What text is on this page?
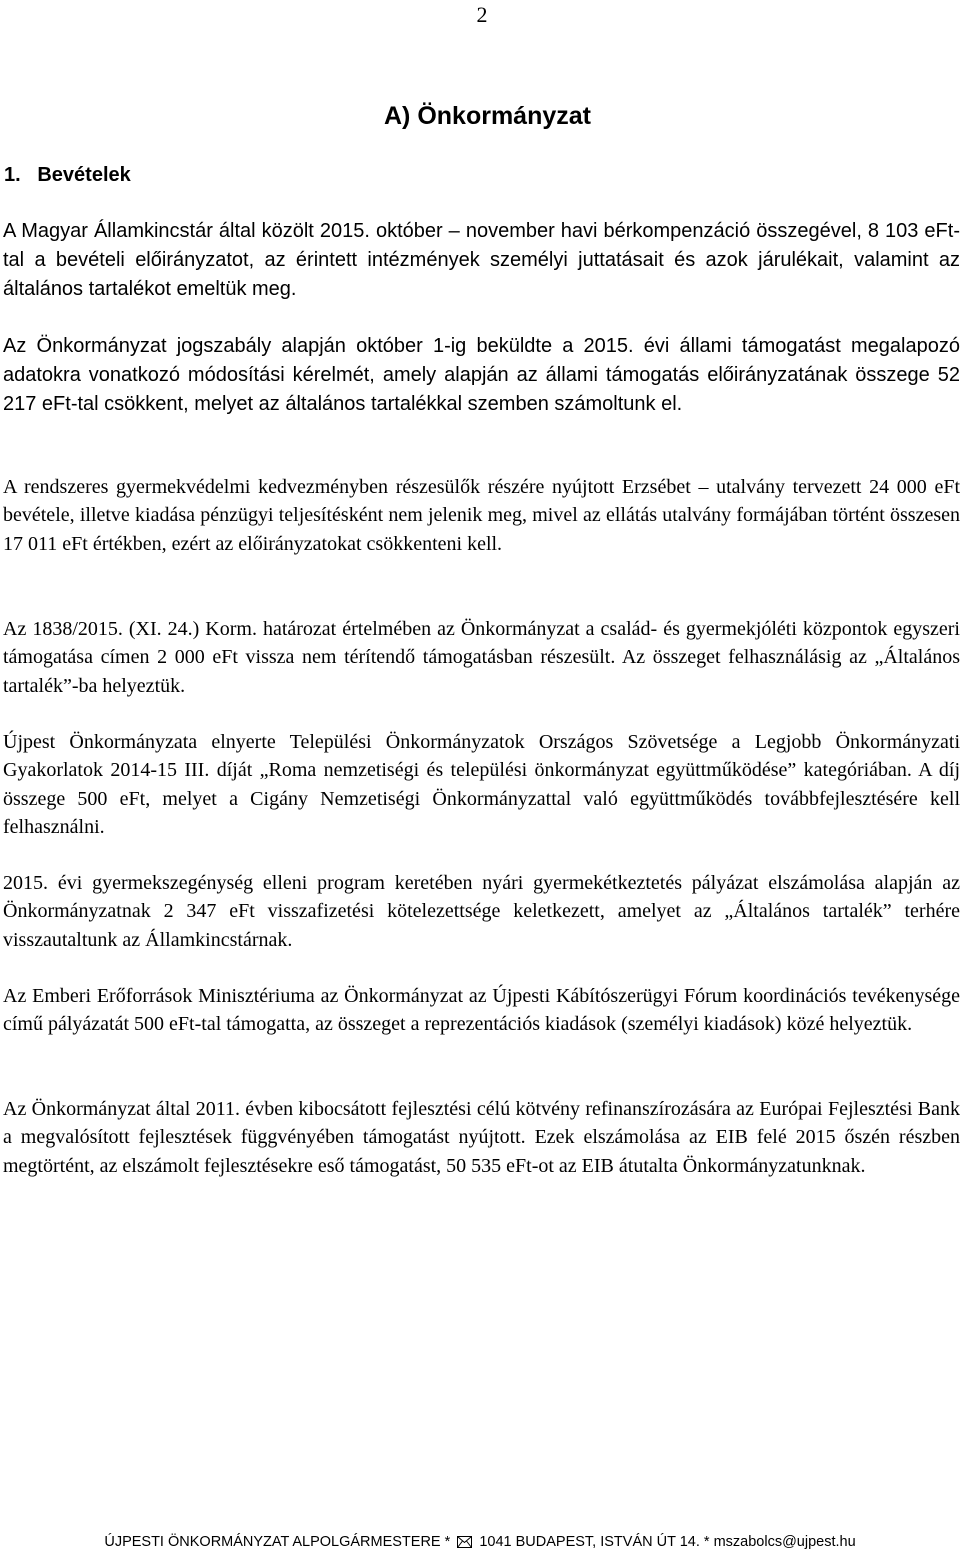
2
A) Önkormányzat
1.   Bevételek

A Magyar Államkincstár által közölt 2015. október – november havi bérkompenzáció összegével, 8 103 eFt-tal a bevételi előirányzatot, az érintett intézmények személyi juttatásait és azok járulékait, valamint az általános tartalékot emeltük meg.

Az Önkormányzat jogszabály alapján október 1-ig beküldte a 2015. évi állami támogatást megalapozó adatokra vonatkozó módosítási kérelmét, amely alapján az állami támogatás előirányzatának összege 52 217 eFt-tal csökkent, melyet az általános tartalékkal szemben számoltunk el.

A rendszeres gyermekvédelmi kedvezményben részesülők részére nyújtott Erzsébet – utalvány tervezett 24 000 eFt bevétele, illetve kiadása pénzügyi teljesítésként nem jelenik meg, mivel az ellátás utalvány formájában történt összesen 17 011 eFt értékben, ezért az előirányzatokat csökkenteni kell.

Az 1838/2015. (XI. 24.) Korm. határozat értelmében az Önkormányzat a család- és gyermekjóléti központok egyszeri támogatása címen 2 000 eFt vissza nem térítendő támogatásban részesült. Az összeget felhasználásig az „Általános tartalék”-ba helyeztük.

Újpest Önkormányzata elnyerte Települési Önkormányzatok Országos Szövetsége a Legjobb Önkormányzati Gyakorlatok 2014-15 III. díját „Roma nemzetiségi és települési önkormányzat együttműködése” kategóriában. A díj összege 500 eFt, melyet a Cigány Nemzetiségi Önkormányzattal való együttműködés továbbfejlesztésére kell felhasználni.

2015. évi gyermekszegénység elleni program keretében nyári gyermekétkeztetés pályázat elszámolása alapján az Önkormányzatnak 2 347 eFt visszafizetési kötelezettsége keletkezett, amelyet az „Általános tartalék” terhére visszautaltunk az Államkincstárnak.

Az Emberi Erőforrások Minisztériuma az Önkormányzat az Újpesti Kábítószerügyi Fórum koordinációs tevékenysége című pályázatát 500 eFt-tal támogatta, az összeget a reprezentációs kiadások (személyi kiadások) közé helyeztük.

Az Önkormányzat által 2011. évben kibocsátott fejlesztési célú kötvény refinanszírozására az Európai Fejlesztési Bank a megvalósított fejlesztések függvényében támogatást nyújtott. Ezek elszámolása az EIB felé 2015 őszén részben megtörtént, az elszámolt fejlesztésekre eső támogatást, 50 535 eFt-ot az EIB átutalta Önkormányzatunknak.

ÚJPESTI ÖNKORMÁNYZAT ALPOLGÁRMESTERE * 1041 BUDAPEST, ISTVÁN ÚT 14. * mszabolcs@ujpest.hu
